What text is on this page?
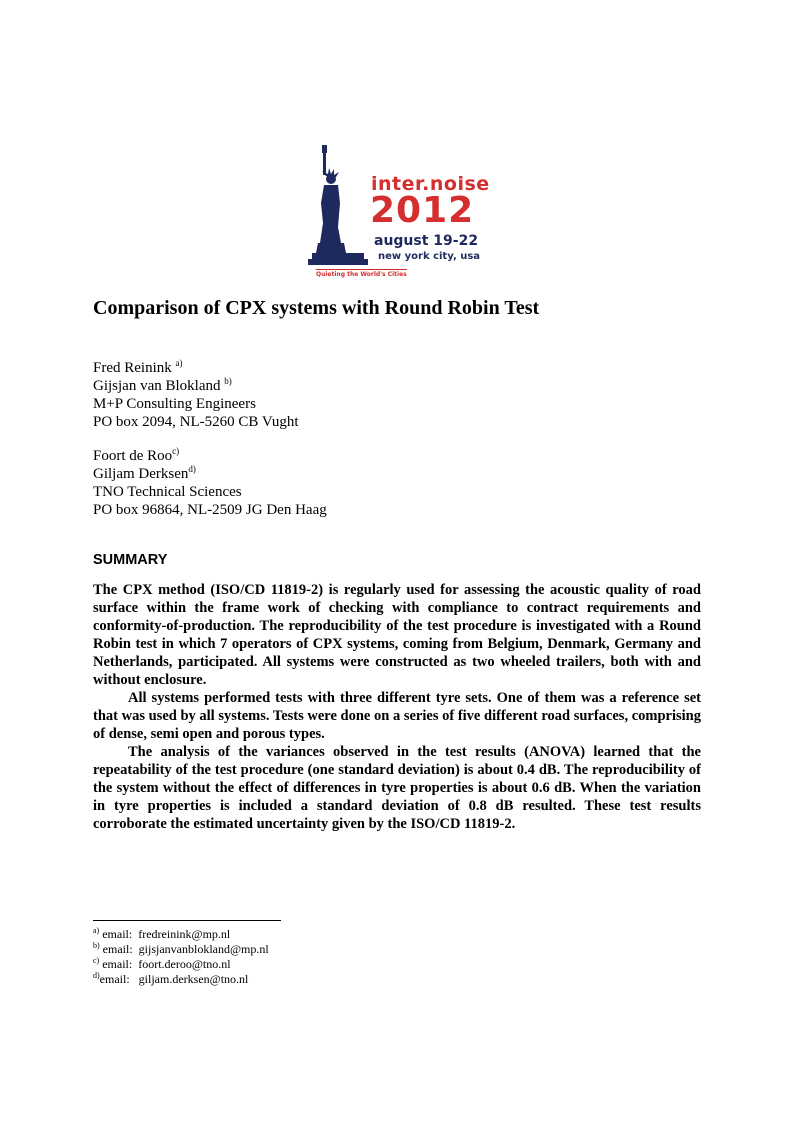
inter.noise
2012
august 19-22
new york city, usa
Quieting the World's Cities
Comparison of CPX systems with Round Robin Test
Fred Reinink $^{a)}$
Gijsjan van Blokland $^{b)}$
M+P Consulting Engineers
PO box 2094, NL-5260 CB Vught
Foort de Roo$^{c)}$
Giljam Derksen$^{d)}$
TNO Technical Sciences
PO box 96864, NL-2509 JG Den Haag
SUMMARY

The CPX method (ISO/CD 11819-2) is regularly used for assessing the acoustic quality of road surface within the frame work of checking with compliance to contract requirements and conformity-of-production. The reproducibility of the test procedure is investigated with a Round Robin test in which 7 operators of CPX systems, coming from Belgium, Denmark, Germany and Netherlands, participated. All systems were constructed as two wheeled trailers, both with and without enclosure.

All systems performed tests with three different tyre sets. One of them was a reference set that was used by all systems. Tests were done on a series of five different road surfaces, comprising of dense, semi open and porous types.

The analysis of the variances observed in the test results (ANOVA) learned that the repeatability of the test procedure (one standard deviation) is about 0.4 dB. The reproducibility of the system without the effect of differences in tyre properties is about 0.6 dB. When the variation in tyre properties is included a standard deviation of 0.8 dB resulted. These test results corroborate the estimated uncertainty given by the ISO/CD 11819-2.

$^{a)}$ email: fredreinink@mp.nl
$^{b)}$ email: gijsjanvanblokland@mp.nl
$^{c)}$ email: foort.deroo@tno.nl
$^{d)}$email: giljam.derksen@tno.nl
